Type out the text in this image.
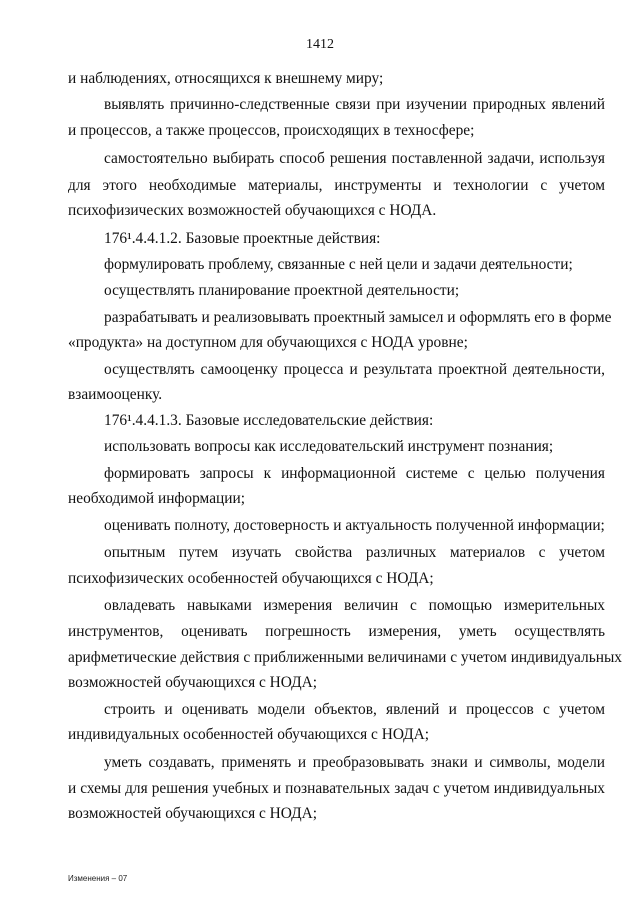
1412
и наблюдениях, относящихся к внешнему миру;
выявлять причинно-следственные связи при изучении природных явлений
и процессов, а также процессов, происходящих в техносфере;
самостоятельно выбирать способ решения поставленной задачи, используя
для этого необходимые материалы, инструменты и технологии с учетом
психофизических возможностей обучающихся с НОДА.
176¹.4.4.1.2. Базовые проектные действия:
формулировать проблему, связанные с ней цели и задачи деятельности;
осуществлять планирование проектной деятельности;
разрабатывать и реализовывать проектный замысел и оформлять его в форме
«продукта» на доступном для обучающихся с НОДА уровне;
осуществлять самооценку процесса и результата проектной деятельности,
взаимооценку.
176¹.4.4.1.3. Базовые исследовательские действия:
использовать вопросы как исследовательский инструмент познания;
формировать запросы к информационной системе с целью получения
необходимой информации;
оценивать полноту, достоверность и актуальность полученной информации;
опытным путем изучать свойства различных материалов с учетом
психофизических особенностей обучающихся с НОДА;
овладевать навыками измерения величин с помощью измерительных
инструментов, оценивать погрешность измерения, уметь осуществлять
арифметические действия с приближенными величинами с учетом индивидуальных
возможностей обучающихся с НОДА;
строить и оценивать модели объектов, явлений и процессов с учетом
индивидуальных особенностей обучающихся с НОДА;
уметь создавать, применять и преобразовывать знаки и символы, модели
и схемы для решения учебных и познавательных задач с учетом индивидуальных
возможностей обучающихся с НОДА;
Изменения – 07
